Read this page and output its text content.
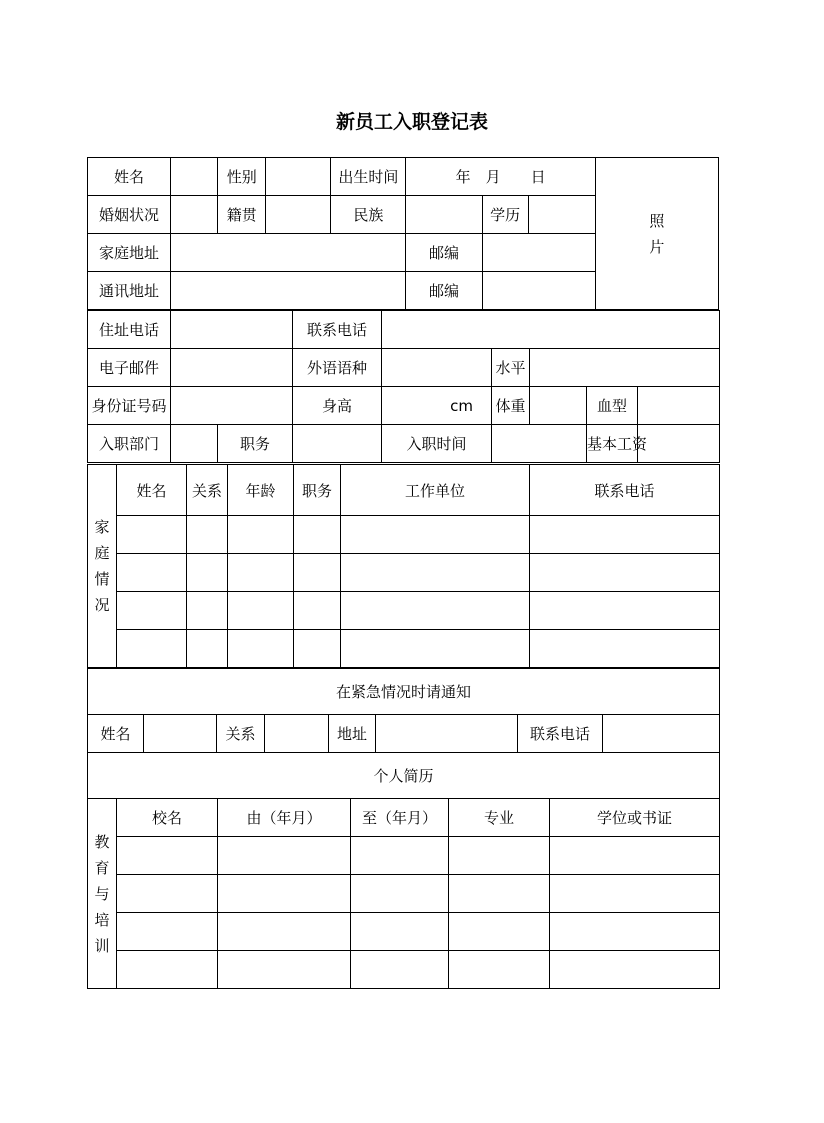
新员工入职登记表
姓名		性别		出生时间	年　月　　日			照
片

婚姻状况		籍贯		民族		学历		
家庭地址					邮编			
通讯地址					邮编			
住址电话			联系电话					
电子邮件			外语语种		水平			
身份证号码			身高	cm	体重		血型	
入职部门		职务		入职时间			基本工资	
家
庭
情
况	姓名	关系	年龄	职务	工作单位	联系电话

在紧急情况时请通知
姓名		关系		地址		联系电话	
个人简历
教
育
与
培
训	校名	由（年月）	至（年月）	专业	学位或书证
